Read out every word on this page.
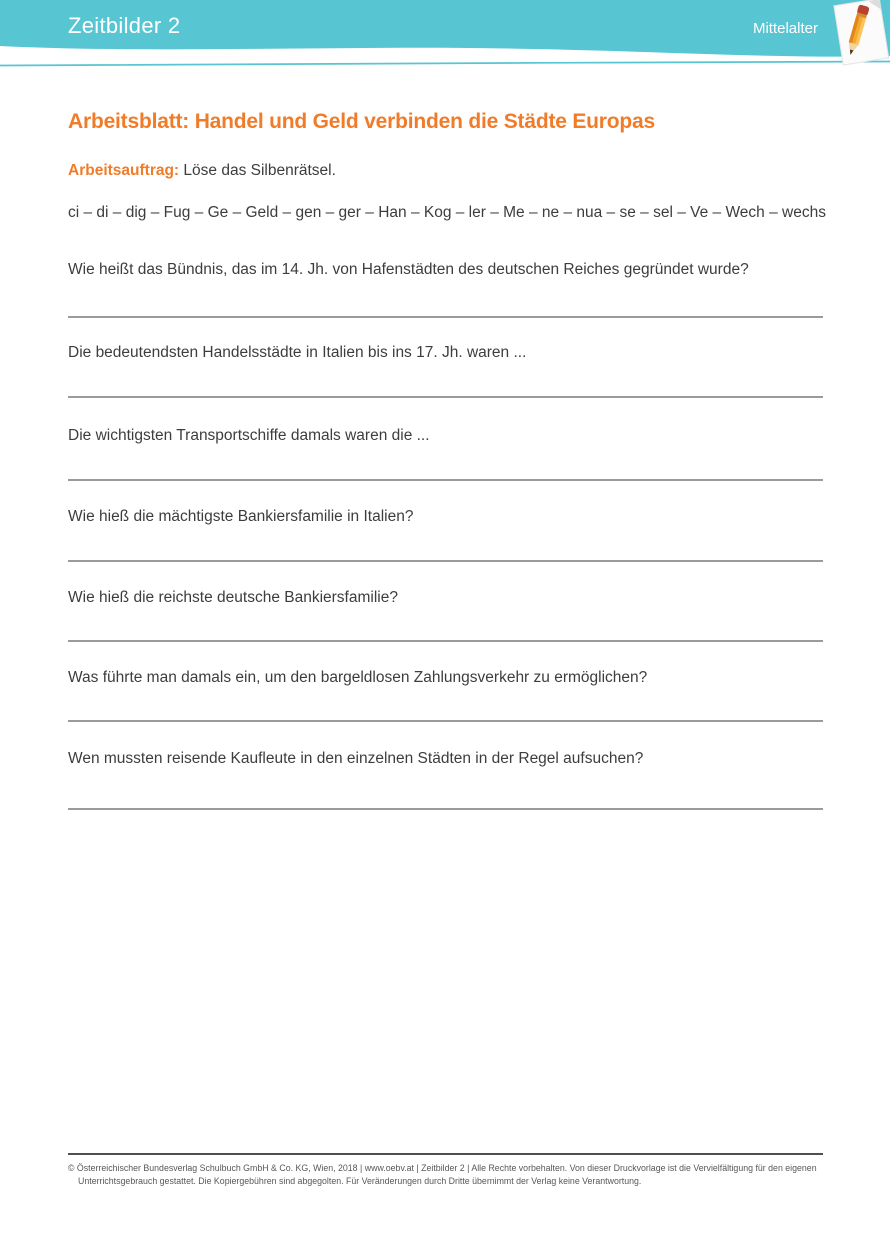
Zeitbilder 2	Mittelalter
Arbeitsblatt: Handel und Geld verbinden die Städte Europas
Arbeitsauftrag: Löse das Silbenrätsel.
ci – di – dig – Fug – Ge – Geld – gen – ger – Han – Kog – ler – Me – ne – nua – se – sel – Ve – Wech – wechs
Wie heißt das Bündnis, das im 14. Jh. von Hafenstädten des deutschen Reiches gegründet wurde?
Die bedeutendsten Handelsstädte in Italien bis ins 17. Jh. waren ...
Die wichtigsten Transportschiffe damals waren die ...
Wie hieß die mächtigste Bankiersfamilie in Italien?
Wie hieß die reichste deutsche Bankiersfamilie?
Was führte man damals ein, um den bargeldlosen Zahlungsverkehr zu ermöglichen?
Wen mussten reisende Kaufleute in den einzelnen Städten in der Regel aufsuchen?
© Österreichischer Bundesverlag Schulbuch GmbH & Co. KG, Wien, 2018 | www.oebv.at | Zeitbilder 2 | Alle Rechte vorbehalten. Von dieser Druckvorlage ist die Vervielfältigung für den eigenen
Unterrichtsgebrauch gestattet. Die Kopiergebühren sind abgegolten. Für Veränderungen durch Dritte übernimmt der Verlag keine Verantwortung.
